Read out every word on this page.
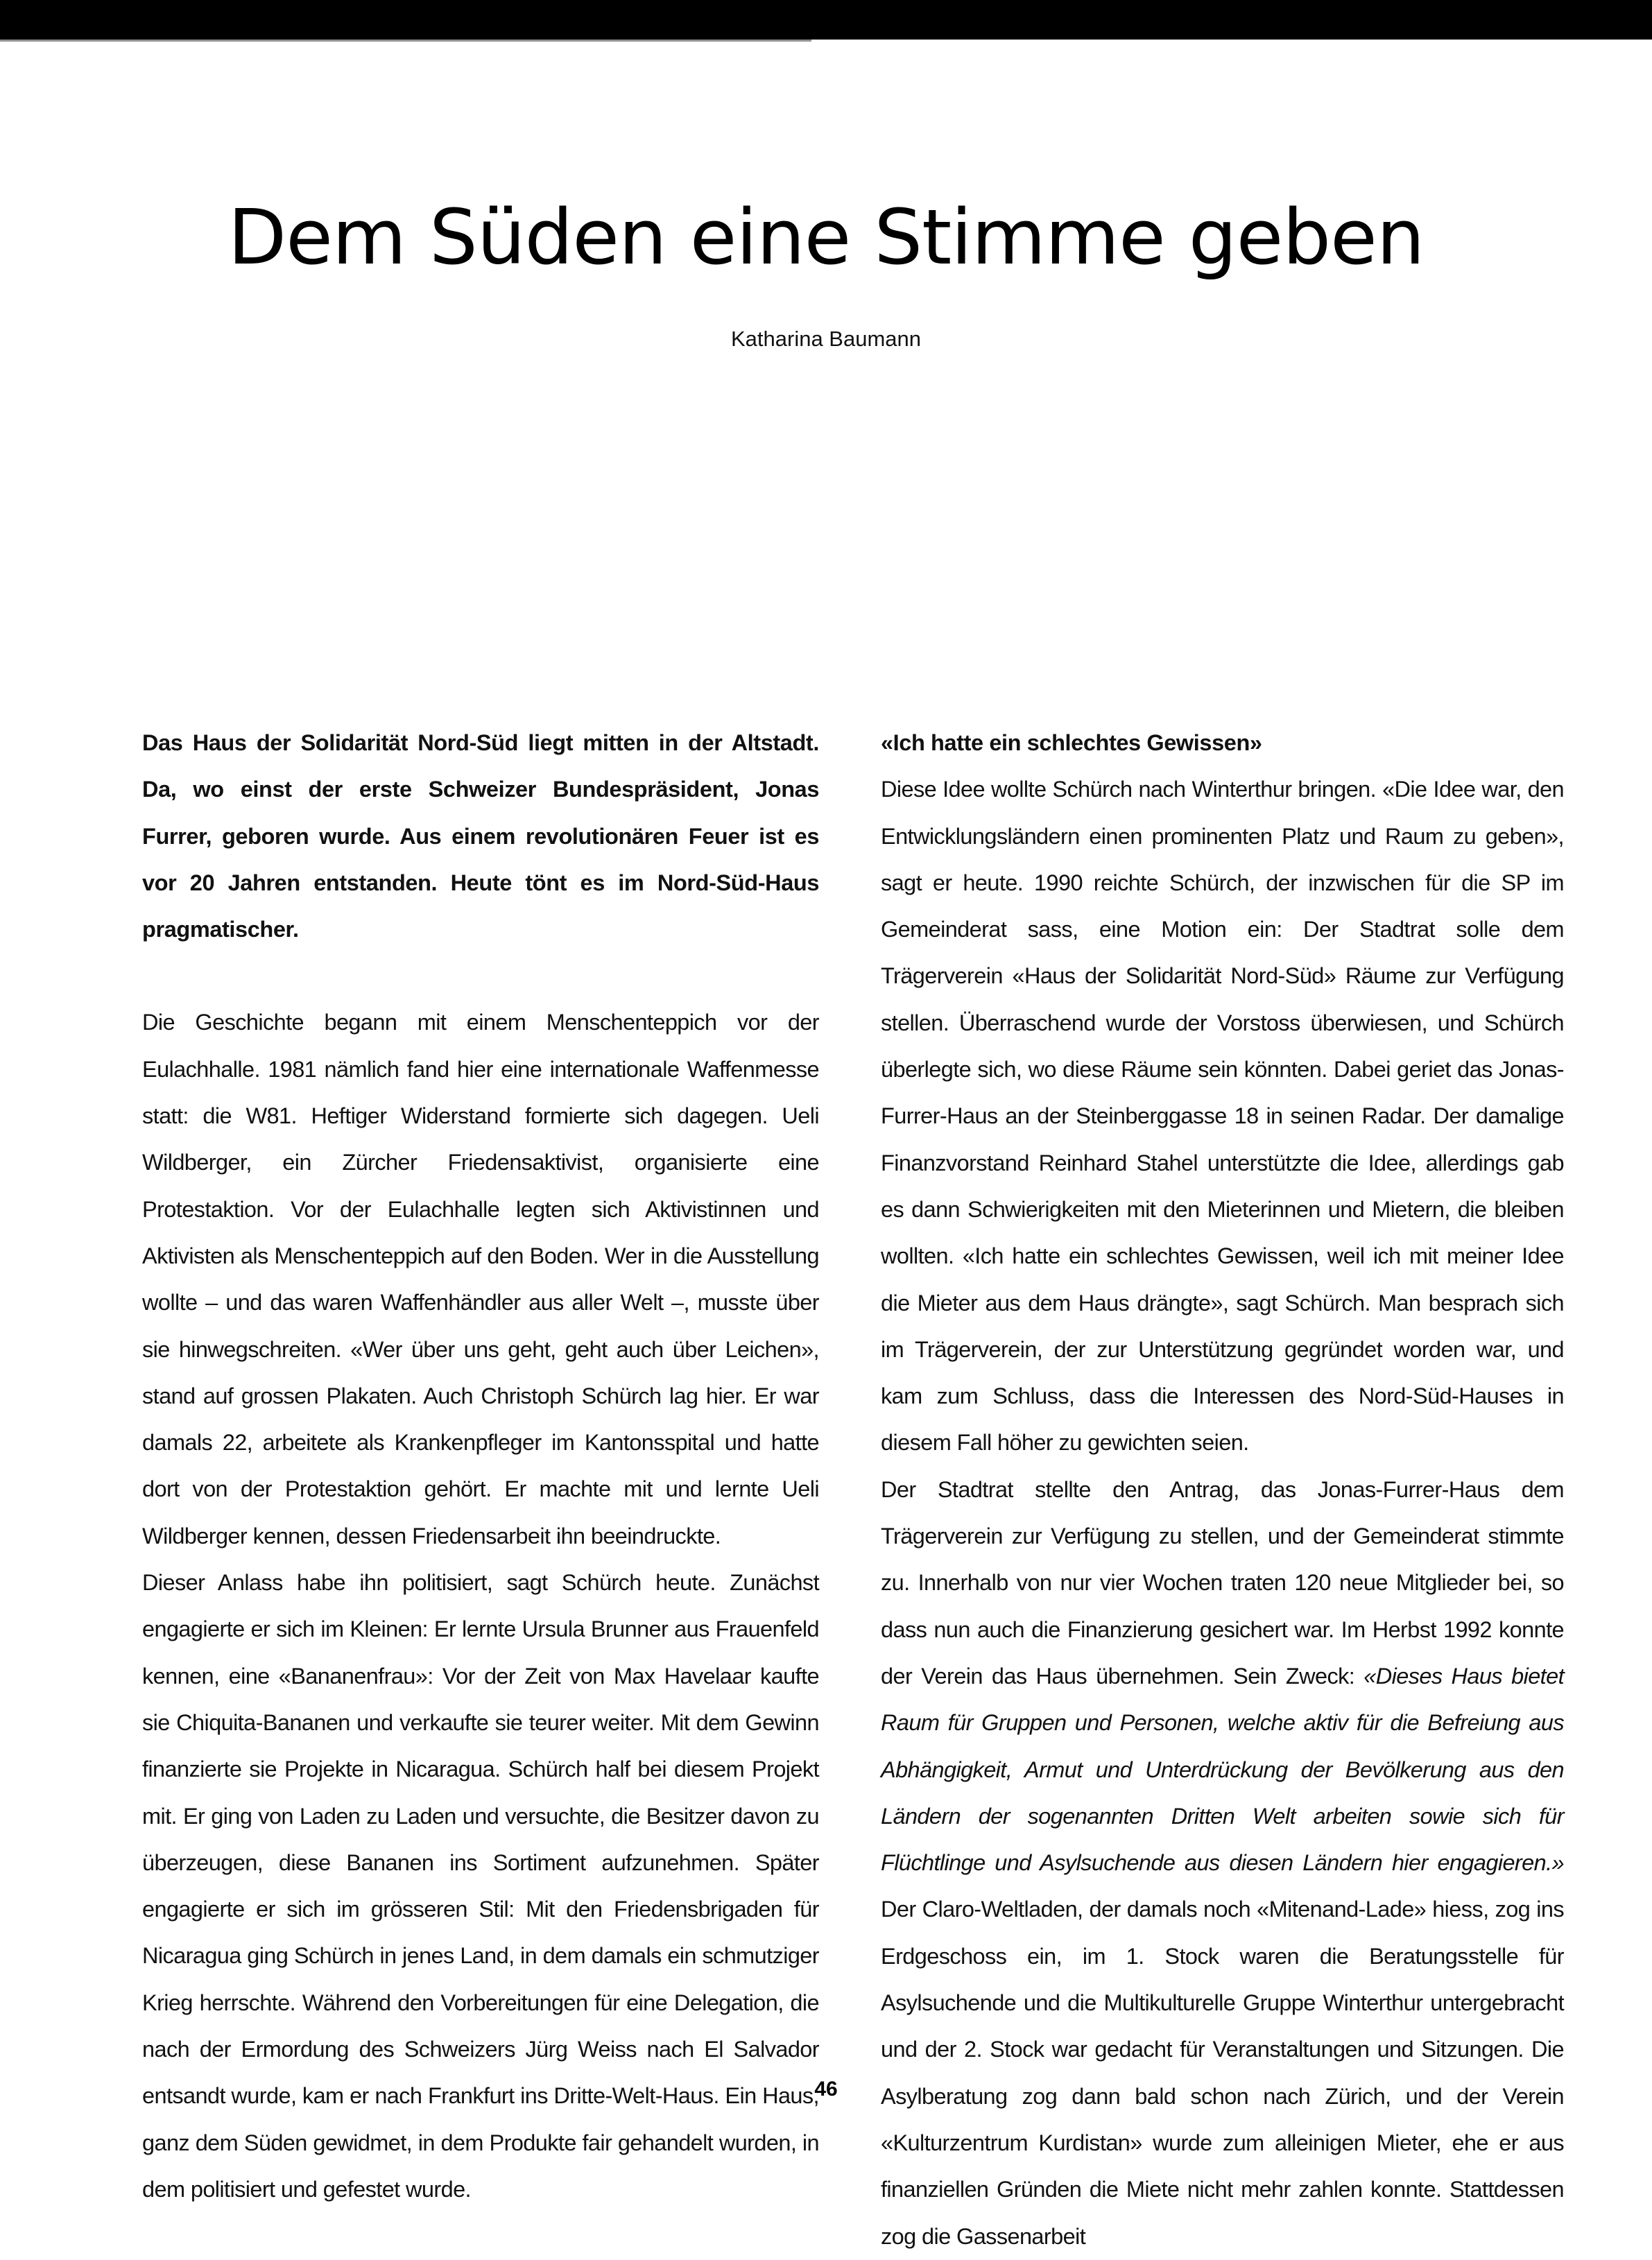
Dem Süden eine Stimme geben
Katharina Baumann

Das Haus der Solidarität Nord-Süd liegt mitten in der Altstadt. Da, wo einst der erste Schweizer Bundespräsident, Jonas Furrer, geboren wurde. Aus einem revolutionären Feuer ist es vor 20 Jahren entstanden. Heute tönt es im Nord-Süd-Haus pragmatischer.

Die Geschichte begann mit einem Menschenteppich vor der Eulachhalle. 1981 nämlich fand hier eine internationale Waffenmesse statt: die W81. Heftiger Widerstand formierte sich dagegen. Ueli Wildberger, ein Zürcher Friedensaktivist, organisierte eine Protestaktion. Vor der Eulachhalle legten sich Aktivistinnen und Aktivisten als Menschenteppich auf den Boden. Wer in die Ausstellung wollte – und das waren Waffenhändler aus aller Welt –, musste über sie hinwegschreiten. «Wer über uns geht, geht auch über Leichen», stand auf grossen Plakaten. Auch Christoph Schürch lag hier. Er war damals 22, arbeitete als Krankenpfleger im Kantonsspital und hatte dort von der Protestaktion gehört. Er machte mit und lernte Ueli Wildberger kennen, dessen Friedensarbeit ihn beeindruckte.

Dieser Anlass habe ihn politisiert, sagt Schürch heute. Zunächst engagierte er sich im Kleinen: Er lernte Ursula Brunner aus Frauenfeld kennen, eine «Bananenfrau»: Vor der Zeit von Max Havelaar kaufte sie Chiquita-Bananen und verkaufte sie teurer weiter. Mit dem Gewinn finanzierte sie Projekte in Nicaragua. Schürch half bei diesem Projekt mit. Er ging von Laden zu Laden und versuchte, die Besitzer davon zu überzeugen, diese Bananen ins Sortiment aufzunehmen. Später engagierte er sich im grösseren Stil: Mit den Friedensbrigaden für Nicaragua ging Schürch in jenes Land, in dem damals ein schmutziger Krieg herrschte. Während den Vorbereitungen für eine Delegation, die nach der Ermordung des Schweizers Jürg Weiss nach El Salvador entsandt wurde, kam er nach Frankfurt ins Dritte-Welt-Haus. Ein Haus, ganz dem Süden gewidmet, in dem Produkte fair gehandelt wurden, in dem politisiert und gefestet wurde.

«Ich hatte ein schlechtes Gewissen»

Diese Idee wollte Schürch nach Winterthur bringen. «Die Idee war, den Entwicklungsländern einen prominenten Platz und Raum zu geben», sagt er heute. 1990 reichte Schürch, der inzwischen für die SP im Gemeinderat sass, eine Motion ein: Der Stadtrat solle dem Trägerverein «Haus der Solidarität Nord-Süd» Räume zur Verfügung stellen. Überraschend wurde der Vorstoss überwiesen, und Schürch überlegte sich, wo diese Räume sein könnten. Dabei geriet das Jonas-Furrer-Haus an der Steinberggasse 18 in seinen Radar. Der damalige Finanzvorstand Reinhard Stahel unterstützte die Idee, allerdings gab es dann Schwierigkeiten mit den Mieterinnen und Mietern, die bleiben wollten. «Ich hatte ein schlechtes Gewissen, weil ich mit meiner Idee die Mieter aus dem Haus drängte», sagt Schürch. Man besprach sich im Trägerverein, der zur Unterstützung gegründet worden war, und kam zum Schluss, dass die Interessen des Nord-Süd-Hauses in diesem Fall höher zu gewichten seien.

Der Stadtrat stellte den Antrag, das Jonas-Furrer-Haus dem Trägerverein zur Verfügung zu stellen, und der Gemeinderat stimmte zu. Innerhalb von nur vier Wochen traten 120 neue Mitglieder bei, so dass nun auch die Finanzierung gesichert war. Im Herbst 1992 konnte der Verein das Haus übernehmen. Sein Zweck: «Dieses Haus bietet Raum für Gruppen und Personen, welche aktiv für die Befreiung aus Abhängigkeit, Armut und Unterdrückung der Bevölkerung aus den Ländern der sogenannten Dritten Welt arbeiten sowie sich für Flüchtlinge und Asylsuchende aus diesen Ländern hier engagieren.» Der Claro-Weltladen, der damals noch «Mitenand-Lade» hiess, zog ins Erdgeschoss ein, im 1. Stock waren die Beratungsstelle für Asylsuchende und die Multikulturelle Gruppe Winterthur untergebracht und der 2. Stock war gedacht für Veranstaltungen und Sitzungen. Die Asylberatung zog dann bald schon nach Zürich, und der Verein «Kulturzentrum Kurdistan» wurde zum alleinigen Mieter, ehe er aus finanziellen Gründen die Miete nicht mehr zahlen konnte. Stattdessen zog die Gassenarbeit

46
